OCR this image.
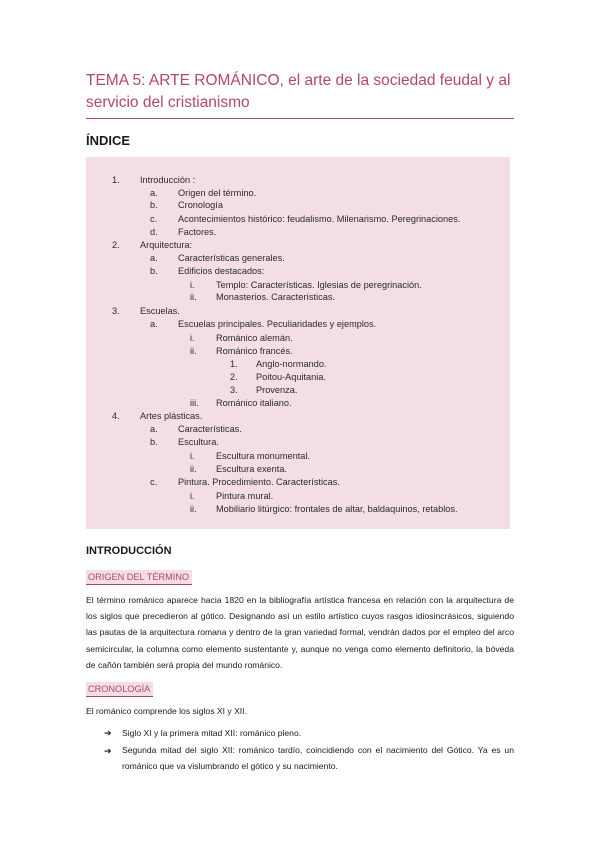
TEMA 5: ARTE ROMÁNICO, el arte de la sociedad feudal y al servicio del cristianismo
ÍNDICE
1. Introducción :
a. Origen del término.
b. Cronología
c. Acontecimientos histórico: feudalismo. Milenarismo. Peregrinaciones.
d. Factores.
2. Arquitectura:
a. Características generales.
b. Edificios destacados:
i. Templo: Características. Iglesias de peregrinación.
ii. Monasterios. Características.
3. Escuelas.
a. Escuelas principales. Peculiaridades y ejemplos.
i. Románico alemán.
ii. Románico francés.
1. Anglo-normando.
2. Poitou-Aquitania.
3. Provenza.
iii. Románico italiano.
4. Artes plásticas.
a. Características.
b. Escultura.
i. Escultura monumental.
ii. Escultura exenta.
c. Pintura. Procedimiento. Características.
i. Pintura mural.
ii. Mobiliario litúrgico: frontales de altar, baldaquinos, retablos.
INTRODUCCIÓN
ORIGEN DEL TÉRMINO

El término románico aparece hacia 1820 en la bibliografía artística francesa en relación con la arquitectura de los siglos que precedieron al gótico. Designando así un estilo artístico cuyos rasgos idiosincrásicos, siguiendo las pautas de la arquitectura romana y dentro de la gran variedad formal, vendrán dados por el empleo del arco semicircular, la columna como elemento sustentante y, aunque no venga como elemento definitorio, la bóveda de cañón también será propia del mundo románico.

CRONOLOGÍA
El románico comprende los siglos XI y XII.
➔ Siglo XI y la primera mitad XII: románico pleno.
➔ Segunda mitad del siglo XII: románico tardío, coincidiendo con el nacimiento del Gótico. Ya es un románico que va vislumbrando el gótico y su nacimiento.
